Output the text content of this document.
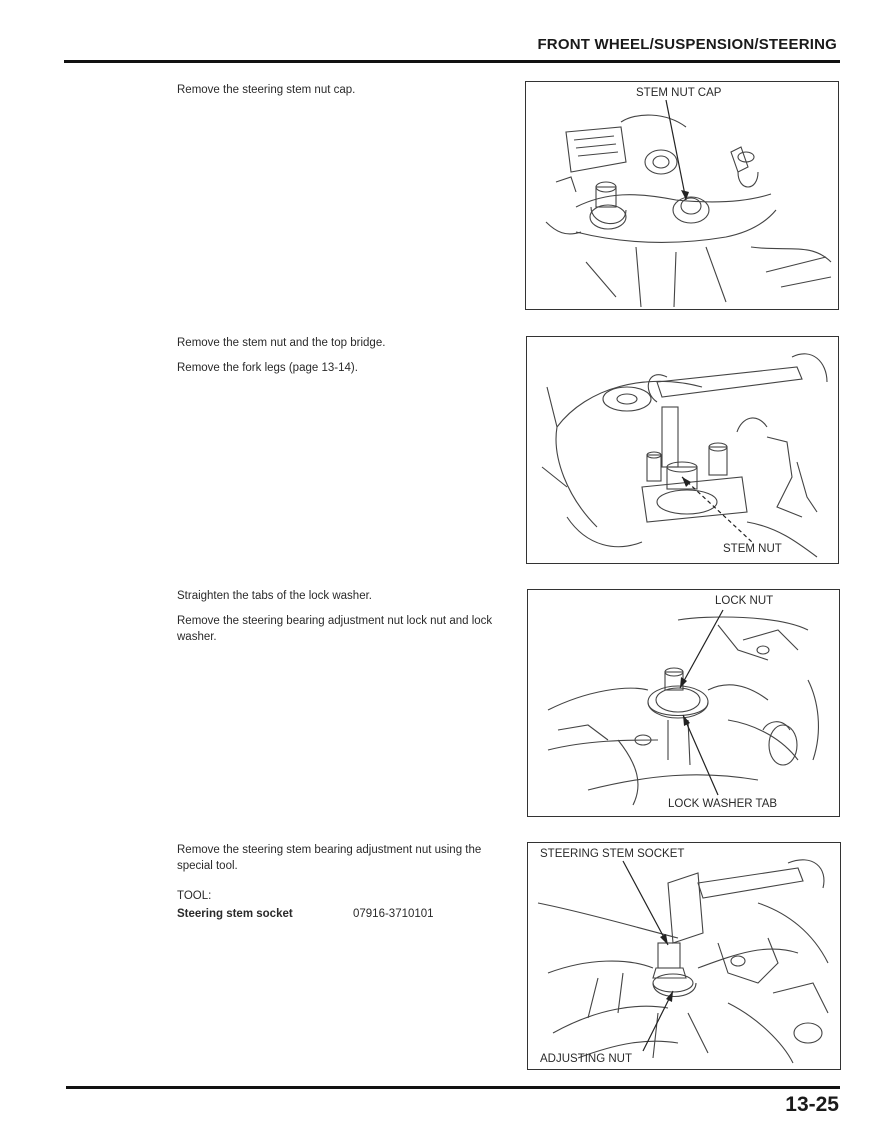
FRONT WHEEL/SUSPENSION/STEERING

Remove the steering stem nut cap.	STEM NUT CAP

Remove the stem nut and the top bridge.

Remove the fork legs (page 13-14).

STEM NUT

Straighten the tabs of the lock washer.

Remove the steering bearing adjustment nut lock nut and lock washer.

LOCK NUT
LOCK WASHER TAB

Remove the steering stem bearing adjustment nut using the special tool.

TOOL:
Steering stem socket	07916-3710101
STEERING STEM SOCKET
ADJUSTING NUT
13-25
